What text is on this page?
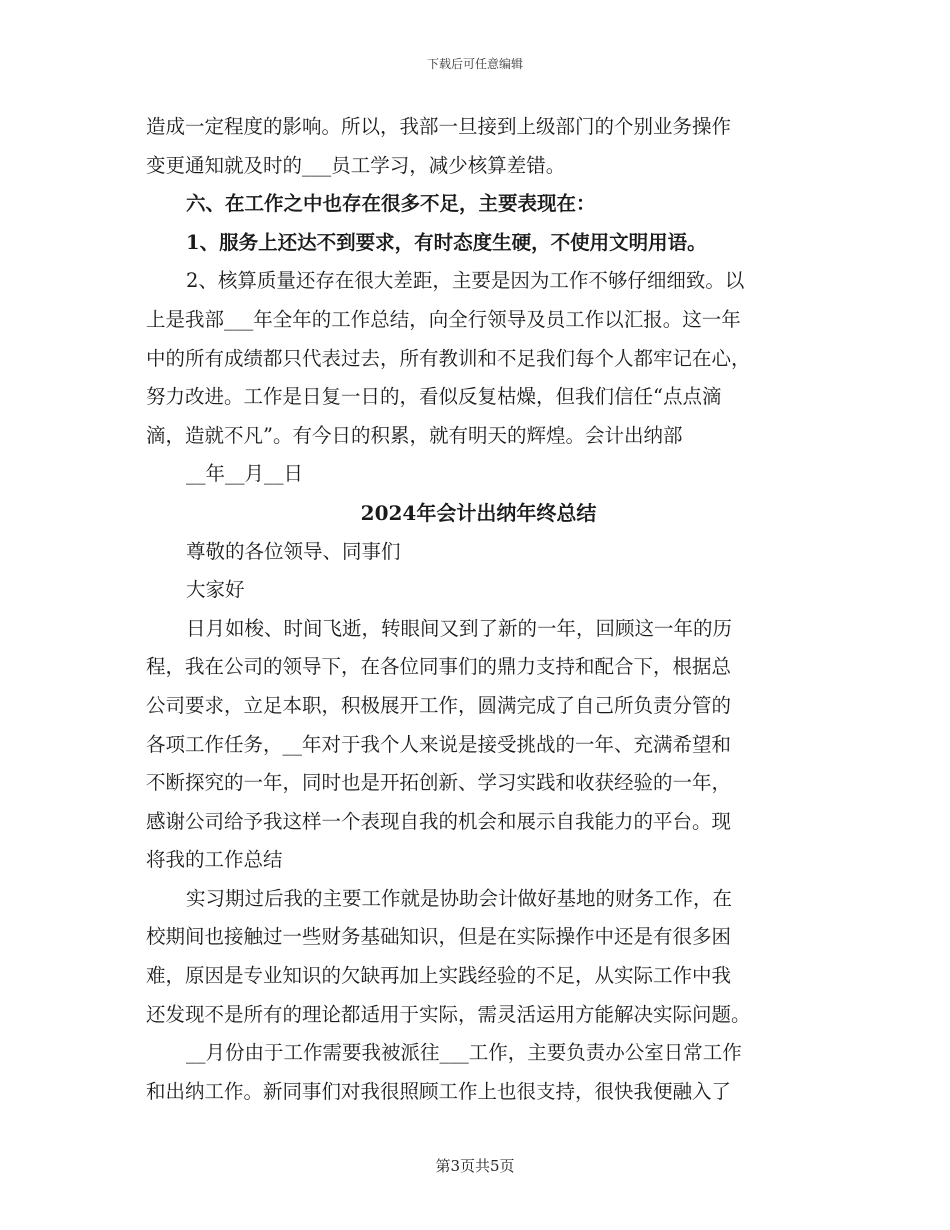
下载后可任意编辑
造成一定程度的影响。所以，我部一旦接到上级部门的个别业务操作
变更通知就及时的___员工学习，减少核算差错。
六、在工作之中也存在很多不足，主要表现在：
1、服务上还达不到要求，有时态度生硬，不使用文明用语。
2、核算质量还存在很大差距，主要是因为工作不够仔细细致。以
上是我部___年全年的工作总结，向全行领导及员工作以汇报。这一年
中的所有成绩都只代表过去，所有教训和不足我们每个人都牢记在心，
努力改进。工作是日复一日的，看似反复枯燥，但我们信任“点点滴
滴，造就不凡”。有今日的积累，就有明天的辉煌。会计出纳部
__年__月__日
2024年会计出纳年终总结
尊敬的各位领导、同事们
大家好
日月如梭、时间飞逝，转眼间又到了新的一年，回顾这一年的历
程，我在公司的领导下，在各位同事们的鼎力支持和配合下，根据总
公司要求，立足本职，积极展开工作，圆满完成了自己所负责分管的
各项工作任务，__年对于我个人来说是接受挑战的一年、充满希望和
不断探究的一年，同时也是开拓创新、学习实践和收获经验的一年，
感谢公司给予我这样一个表现自我的机会和展示自我能力的平台。现
将我的工作总结
实习期过后我的主要工作就是协助会计做好基地的财务工作，在
校期间也接触过一些财务基础知识，但是在实际操作中还是有很多困
难，原因是专业知识的欠缺再加上实践经验的不足，从实际工作中我
还发现不是所有的理论都适用于实际，需灵活运用方能解决实际问题。
__月份由于工作需要我被派往___工作，主要负责办公室日常工作
和出纳工作。新同事们对我很照顾工作上也很支持，很快我便融入了
第3页共5页
